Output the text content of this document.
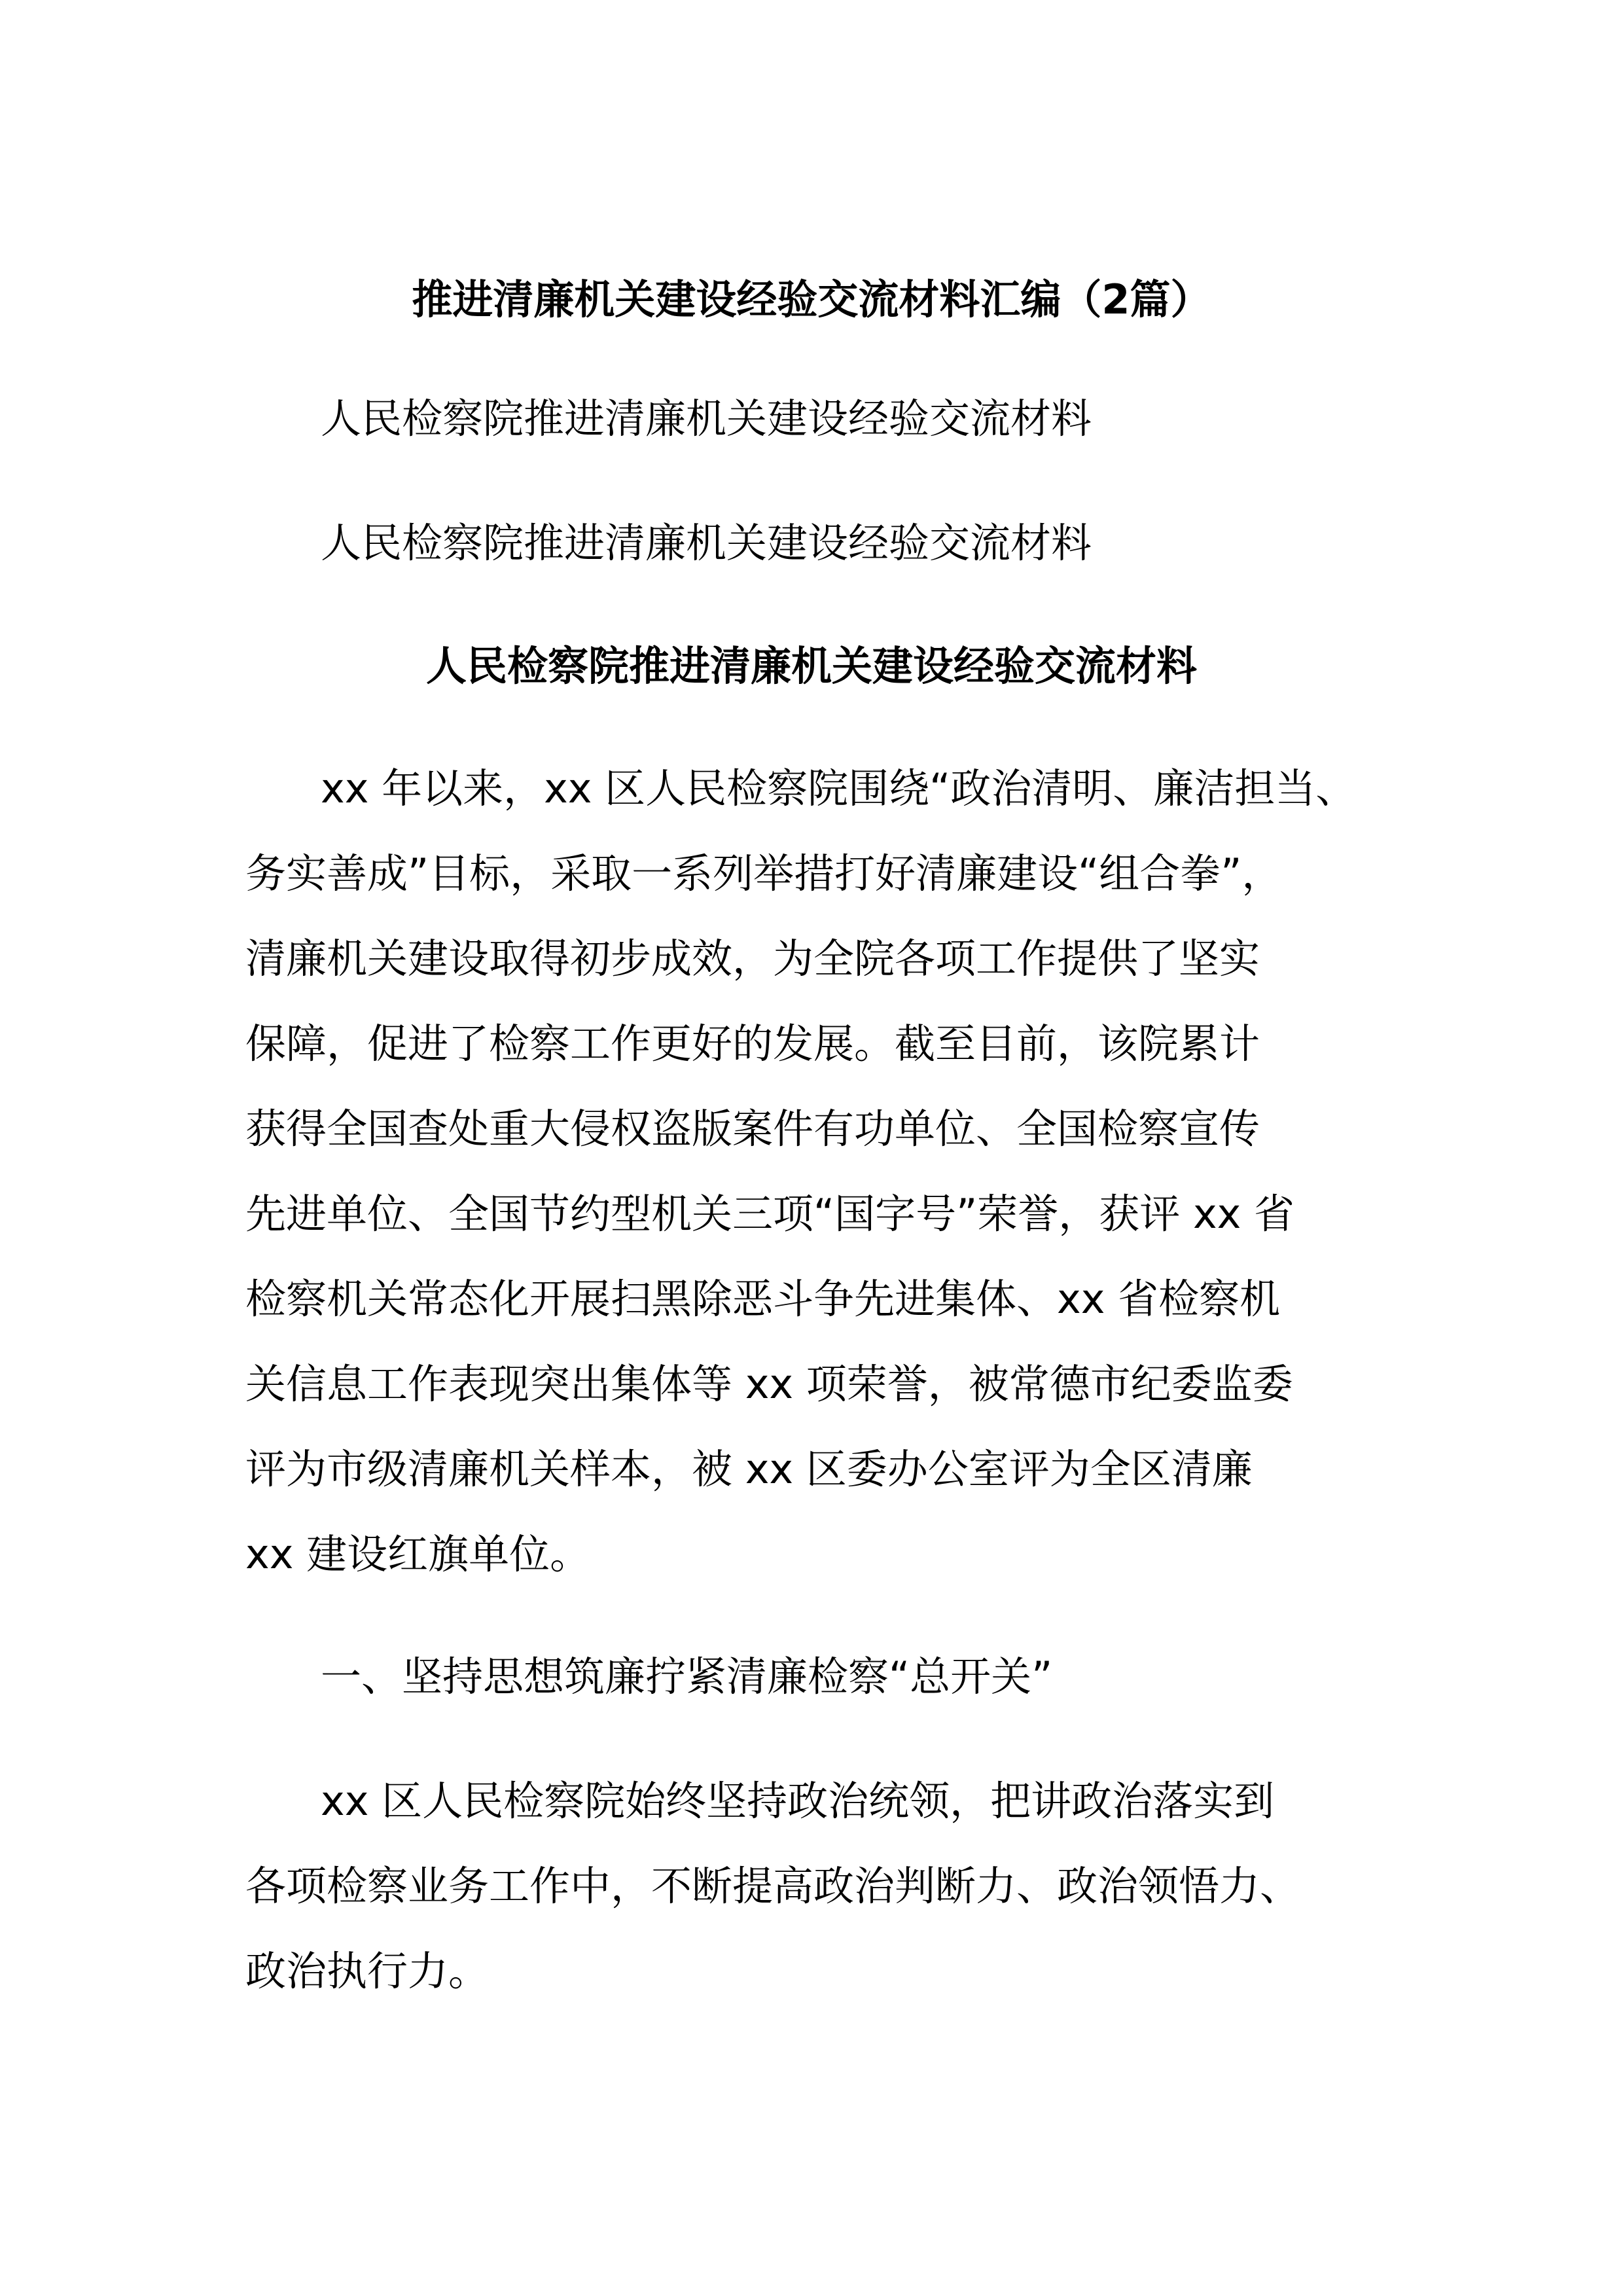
推进清廉机关建设经验交流材料汇编（2篇）

人民检察院推进清廉机关建设经验交流材料

人民检察院推进清廉机关建设经验交流材料

人民检察院推进清廉机关建设经验交流材料

xx 年以来，xx 区人民检察院围绕“政治清明、廉洁担当、

务实善成”目标，采取一系列举措打好清廉建设“组合拳”，

清廉机关建设取得初步成效，为全院各项工作提供了坚实

保障，促进了检察工作更好的发展。截至目前，该院累计

获得全国查处重大侵权盗版案件有功单位、全国检察宣传

先进单位、全国节约型机关三项“国字号”荣誉，获评 xx 省

检察机关常态化开展扫黑除恶斗争先进集体、xx 省检察机

关信息工作表现突出集体等 xx 项荣誉，被常德市纪委监委

评为市级清廉机关样本，被 xx 区委办公室评为全区清廉

xx 建设红旗单位。

一、坚持思想筑廉拧紧清廉检察“总开关”

xx 区人民检察院始终坚持政治统领，把讲政治落实到

各项检察业务工作中，不断提高政治判断力、政治领悟力、

政治执行力。
